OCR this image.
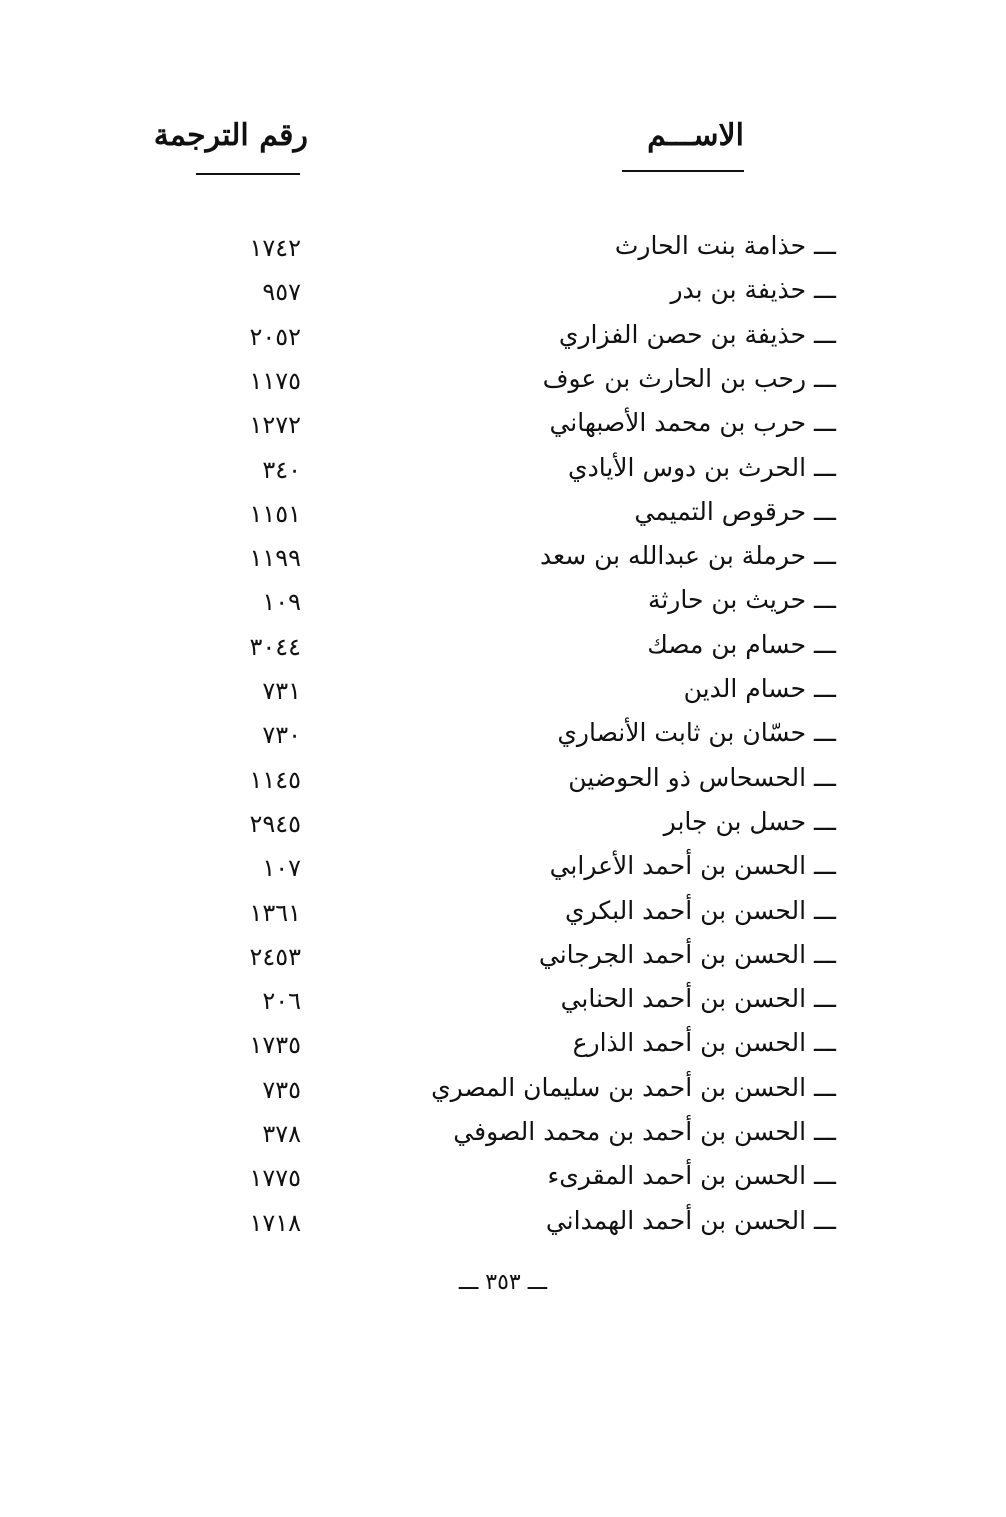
الاســـم
رقم الترجمة
ـــ حذامة بنت الحارث
١٧٤٢
ـــ حذيفة بن بدر
٩٥٧
ـــ حذيفة بن حصن الفزاري
٢٠٥٢
ـــ رحب بن الحارث بن عوف
١١٧٥
ـــ حرب بن محمد الأصبهاني
١٢٧٢
ـــ الحرث بن دوس الأيادي
٣٤٠
ـــ حرقوص التميمي
١١٥١
ـــ حرملة بن عبدالله بن سعد
١١٩٩
ـــ حريث بن حارثة
١٠٩
ـــ حسام بن مصك
٣٠٤٤
ـــ حسام الدين
٧٣١
ـــ حسّان بن ثابت الأنصاري
٧٣٠
ـــ الحسحاس ذو الحوضين
١١٤٥
ـــ حسل بن جابر
٢٩٤٥
ـــ الحسن بن أحمد الأعرابي
١٠٧
ـــ الحسن بن أحمد البكري
١٣٦١
ـــ الحسن بن أحمد الجرجاني
٢٤٥٣
ـــ الحسن بن أحمد الحنابي
٢٠٦
ـــ الحسن بن أحمد الذارع
١٧٣٥
ـــ الحسن بن أحمد بن سليمان المصري
٧٣٥
ـــ الحسن بن أحمد بن محمد الصوفي
٣٧٨
ـــ الحسن بن أحمد المقرىء
١٧٧٥
ـــ الحسن بن أحمد الهمداني
١٧١٨
ـــ ٣٥٣ ـــ
